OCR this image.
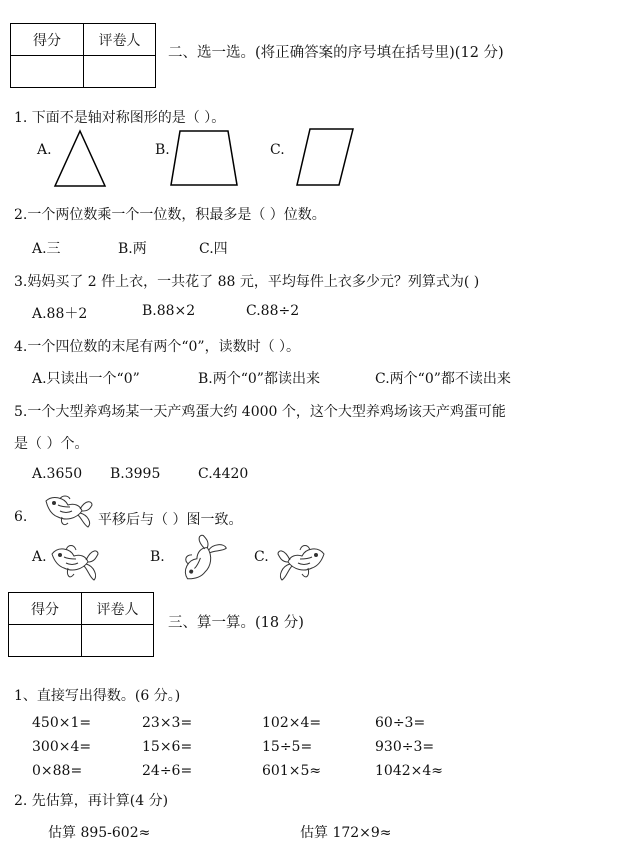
得分	评卷人

二、选一选。(将正确答案的序号填在括号里)(12 分)
1. 下面不是轴对称图形的是（ ）。
A.	B.	C.
2.一个两位数乘一个一位数，积最多是（ ）位数。
A.三	B.两	C.四
3.妈妈买了 2 件上衣，一共花了 88 元，平均每件上衣多少元？列算式为( )
A.88＋2	B.88×2	C.88÷2
4.一个四位数的末尾有两个“0”，读数时（ ）。
A.只读出一个“0”	B.两个“0”都读出来	C.两个“0”都不读出来
5.一个大型养鸡场某一天产鸡蛋大约 4000 个，这个大型养鸡场该天产鸡蛋可能
是（ ）个。
A.3650 B.3995	C.4420
6.	平移后与（ ）图一致。
A.	B.	C.
得分	评卷人

三、算一算。(18 分)
1、直接写出得数。(6 分。)
450×1=	23×3=	102×4=	60÷3=
300×4=	15×6=	15÷5=	930÷3=
0×88=	24÷6=	601×5≈	1042×4≈
2. 先估算，再计算(4 分)
估算 895-602≈	估算 172×9≈
